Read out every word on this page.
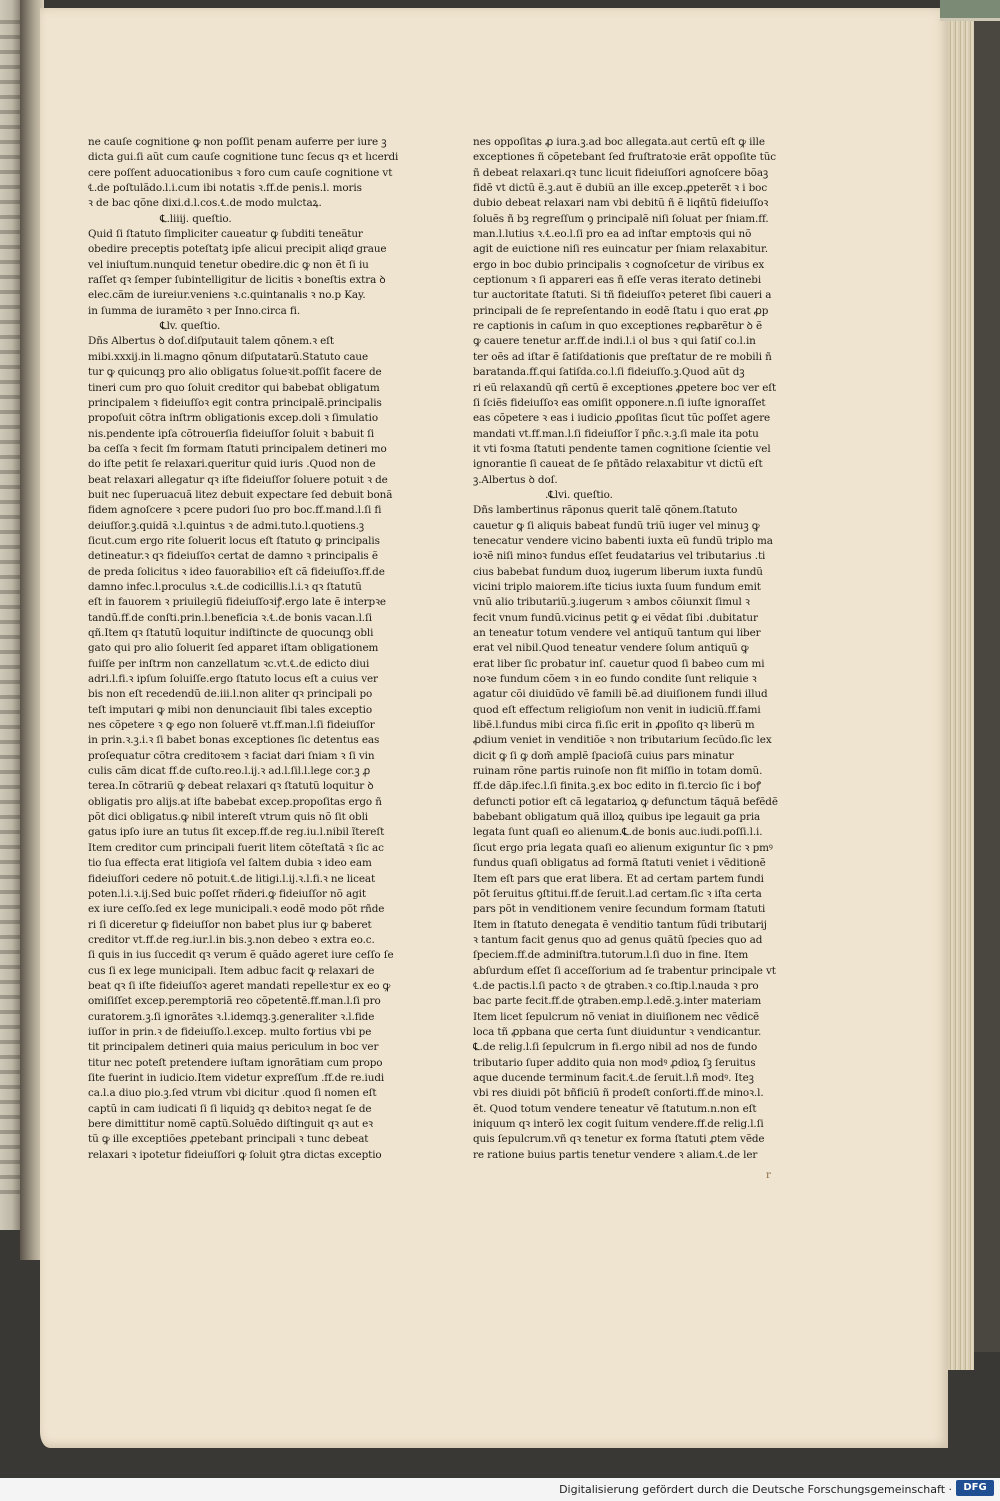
ne cauſe cognitione ꝙ non poſſit penam auferre per iure ꝫ
dicta gui.ſi aũt cum cauſe cognitione tunc ſecus qꝛ et lıcerdi
cere poſſent aduocationibus ꝛ foro cum cauſe cognitione vt
℄.de poſtulãdo.l.i.cum ibi notatis ꝛ.ff.de penis.l. moris
ꝛ de bac qõne dixi.d.l.cos.℄.de modo mulctaꝝ.
℄.liiij. queſtio.
Quid ſi ſtatuto ſimpliciter caueatur ꝙ ſubditi teneãtur
obedire preceptis poteſtatꝫ ipſe alicui precipit aliqᵭ graue
vel iniuſtum.nunquid tenetur obedire.dic ꝙ non ẽt ſi iu
raſſet qꝛ ſemper ſubintelligitur de licitis ꝛ boneſtis extra ꝺ
elec.cãm de iureiur.veniens ꝛ.c.quintanalis ꝛ no.p Kay.
in ſumma de iuramẽto ꝛ per Inno.circa fi.
℄lv. queſtio.
Dñs Albertus ꝺ doſ.diſputauit talem qõnem.ꝛ eſt
mibi.xxxij.in li.magno qõnum diſputatarũ.Statuto caue
tur ꝙ quicunqꝫ pro alio obligatus ſolueꝛit.poſſit facere de
tineri cum pro quo ſoluit creditor qui babebat obligatum
principalem ꝛ fideiuſſoꝛ egit contra principalẽ.principalis
propoſuit cõtra inſtrm obligationis excep.doli ꝛ ſimulatio
nis.pendente ipſa cõtrouerſia fideiuſſor ſoluit ꝛ babuit ſi
ba ceſſa ꝛ fecit ſm formam ſtatuti principalem detineri mo
do iſte petit ſe relaxari.queritur quid iuris .Quod non de
beat relaxari allegatur qꝛ iſte fideiuſſor ſoluere potuit ꝛ de
buit nec ſuperuacuã litez debuit expectare ſed debuit bonã
fidem agnoſcere ꝛ pcere pudori ſuo pro boc.ff.mand.l.ſi fi
deiuſſor.ꝫ.quidã ꝛ.l.quintus ꝛ de admi.tuto.l.quotiens.ꝫ
ſicut.cum ergo rite ſoluerit locus eſt ſtatuto ꝙ principalis
detineatur.ꝛ qꝛ fideiuſſoꝛ certat de damno ꝛ principalis ẽ
de preda ſolicitus ꝛ ideo fauorabilioꝛ eſt cã fideiuſſoꝛ.ff.de
damno infec.l.proculus ꝛ.℄.de codicillis.l.i.ꝛ qꝛ ſtatutũ
eſt in fauorem ꝛ priuilegiũ fideiuſſoꝛiꝭ.ergo late ẽ interpꝛe
tandũ.ff.de conſti.prin.l.beneficia ꝛ.℄.de bonis vacan.l.ſi
qñ.Item qꝛ ſtatutũ loquitur indiſtincte de quocunqꝫ obli
gato qui pro alio ſoluerit ſed apparet iſtam obligationem
fuiſſe per inſtrm non canzellatum ꝛc.vt.℄.de edicto diui
adri.l.fi.ꝛ ipſum ſoluiſſe.ergo ſtatuto locus eſt a cuius ver
bis non eſt recedendũ de.iii.l.non aliter qꝛ principali po
teſt imputari ꝙ mibi non denunciauit ſibi tales exceptio
nes cõpetere ꝛ ꝙ ego non ſoluerẽ vt.ff.man.l.ſi fideiuſſor
in prin.ꝛ.ꝫ.i.ꝛ ſi babet bonas exceptiones ſic detentus eas
proſequatur cõtra creditoꝛem ꝛ faciat dari ſniam ꝛ ſi vin
culis cãm dicat ff.de cuſto.reo.l.ij.ꝛ ad.l.ſil.l.lege cor.ꝫ ꝓ
terea.In cõtrariũ ꝙ debeat relaxari qꝛ ſtatutũ loquitur ꝺ
obligatis pro alijs.at iſte babebat excep.propoſitas ergo ñ
põt dici obligatus.ꝙ nibil intereſt vtrum quis nõ ſit obli
gatus ipſo iure an tutus ſit excep.ff.de reg.iu.l.nibil ĩtereſt
Item creditor cum principali fuerit litem cõteſtatã ꝛ ſic ac
tio ſua effecta erat litigioſa vel ſaltem dubia ꝛ ideo eam
fideiuſſori cedere nõ potuit.℄.de litigi.l.ij.ꝛ.l.fi.ꝛ ne liceat
poten.l.i.ꝛ.ij.Sed buic poſſet rñderi.ꝙ fideiuſſor nõ agit
ex iure ceſſo.ſed ex lege municipali.ꝛ eodẽ modo põt rñde
ri ſi diceretur ꝙ fideiuſſor non babet plus iur ꝙ baberet
creditor vt.ff.de reg.iur.l.in bis.ꝫ.non debeo ꝛ extra eo.c.
ſi quis in ius ſuccedit qꝛ verum ẽ quãdo ageret iure ceſſo ſe
cus ſi ex lege municipali. Item adbuc facit ꝙ relaxari de
beat qꝛ ſi iſte fideiuſſoꝛ ageret mandati repelleꝛtur ex eo ꝙ
omiſiſſet excep.peremptoriã reo cõpetentẽ.ff.man.l.ſi pro
curatorem.ꝫ.ſi ignorãtes ꝛ.l.idemqꝫ.ꝫ.generaliter ꝛ.l.fide
iuſſor in prin.ꝛ de fideiuſſo.l.excep. multo fortius vbi pe
tit principalem detineri quia maius periculum in boc ver
titur nec poteſt pretendere iuſtam ignorãtiam cum propo
ſite fuerint in iudicio.Item videtur expreſſum .ff.de re.iudi
ca.l.a diuo pio.ꝫ.ſed vtrum vbi dicitur .quod ſi nomen eſt
captũ in cam iudicati ſi ſi liquidꝫ qꝛ debitoꝛ negat ſe de
bere dimittitur nomẽ captũ.Soluẽdo diſtinguit qꝛ aut eꝛ
tũ ꝙ ille exceptiões ꝓpetebant principali ꝛ tunc debeat
relaxari ꝛ ipotetur fideiuſſori ꝙ ſoluit ꝯtra dictas exceptio
nes oppoſitas ꝓ iura.ꝫ.ad boc allegata.aut certũ eſt ꝙ ille
exceptiones ñ cõpetebant ſed fruſtratoꝛie erãt oppoſite tũc
ñ debeat relaxari.qꝛ tunc licuit fideiuſſori agnoſcere bõaꝫ
fidẽ vt dictũ ẽ.ꝫ.aut ẽ dubiũ an ille excep.ꝓpeterẽt ꝛ i boc
dubio debeat relaxari nam vbi debitũ ñ ẽ liqñtũ fideiuſſoꝛ
ſoluẽs ñ bꝫ regreſſum ꝯ principalẽ niſi ſoluat per ſniam.ff.
man.l.lutius ꝛ.℄.eo.l.ſi pro ea ad inſtar emptoꝛis qui nõ
agit de euictione niſi res euincatur per ſniam relaxabitur.
ergo in boc dubio principalis ꝛ cognoſcetur de viribus ex
ceptionum ꝛ ſi appareri eas ñ eſſe veras iterato detinebi
tur auctoritate ſtatuti. Si tñ fideiuſſoꝛ peteret ſibi caueri a
principali de ſe repreſentando in eodẽ ſtatu i quo erat ꝓp
re captionis in caſum in quo exceptiones reꝓbarẽtur ꝺ ẽ
ꝙ cauere tenetur ar.ff.de indi.l.i ol bus ꝛ qui ſatiſ co.l.in
ter oẽs ad iſtar ẽ ſatiſdationis que preſtatur de re mobili ñ
baratanda.ff.qui ſatiſda.co.l.ſi fideiuſſo.ꝫ.Quod aũt dꝫ
ri eũ relaxandũ qñ certũ ẽ exceptiones ꝓpetere boc ver eſt
ſi ſciẽs fideiuſſoꝛ eas omiſit opponere.n.ſi iuſte ignoraſſet
eas cõpetere ꝛ eas i iudicio ꝓpoſitas ſicut tũc poſſet agere
mandati vt.ff.man.l.ſi fideiuſſor ĩ pñc.ꝛ.ꝫ.ſi male ita potu
it vti foꝛma ſtatuti pendente tamen cognitione ſcientie vel
ignorantie ſi caueat de ſe pñtãdo relaxabitur vt dictũ eſt
ꝫ.Albertus ꝺ doſ.
.℄lvi. queſtio.
Dñs lambertinus rãponus querit talẽ qõnem.ſtatuto
cauetur ꝙ ſi aliquis babeat fundũ triũ iuger vel minuꝫ ꝙ
tenecatur vendere vicino babenti iuxta eũ fundũ triplo ma
ioꝛẽ niſi minoꝛ fundus eſſet feudatarius vel tributarius .ti
cius babebat fundum duoꝝ iugerum liberum iuxta fundũ
vicini triplo maiorem.iſte ticius iuxta ſuum fundum emit
vnũ alio tributariũ.ꝫ.iugerum ꝛ ambos cõiunxit ſimul ꝛ
fecit vnum fundũ.vicinus petit ꝙ ei vẽdat ſibi .dubitatur
an teneatur totum vendere vel antiquũ tantum qui liber
erat vel nibil.Quod teneatur vendere ſolum antiquũ ꝙ
erat liber ſic probatur inſ. cauetur quod ſi babeo cum mi
noꝛe fundum cõem ꝛ in eo fundo condite ſunt reliquie ꝛ
agatur cõi diuidũdo vẽ famili bẽ.ad diuiſionem fundi illud
quod eſt effectum religioſum non venit in iudiciũ.ff.fami
libẽ.l.fundus mibi circa fi.ſic erit in ꝓpoſito qꝛ liberũ m
ꝓdium veniet in venditiõe ꝛ non tributarium ſecũdo.ſic lex
dicit ꝙ ſi ꝙ dom̃ amplẽ ſpacioſã cuius pars minatur
ruinam rõne partis ruinoſe non fit miſſio in totam domũ.
ff.de dãp.ifec.l.ſi finita.ꝫ.ex boc edito in fi.tercio ſic i boꝭ
defuncti potior eſt cã legatarioꝝ ꝙ defunctum tãquã befẽdẽ
babebant obligatum quã illoꝝ quibus ipe legauit ga pria
legata ſunt quaſi eo alienum.℄.de bonis auc.iudi.poſſi.l.i.
ſicut ergo pria legata quaſi eo alienum exiguntur ſic ꝛ pmꝰ
fundus quaſi obligatus ad formã ſtatuti veniet i vẽditionẽ
Item eſt pars que erat libera. Et ad certam partem fundi
põt ſeruitus ꝯſtitui.ff.de ſeruit.l.ad certam.ſic ꝛ iſta certa
pars põt in venditionem venire ſecundum formam ſtatuti
Item in ſtatuto denegata ẽ venditio tantum fũdi tributarij
ꝛ tantum facit genus quo ad genus quãtũ ſpecies quo ad
ſpeciem.ff.de adminiſtra.tutorum.l.ſi duo in fine. Item
abſurdum eſſet ſi acceſſorium ad ſe trabentur principale vt
℄.de pactis.l.ſi pacto ꝛ de ꝯtraben.ꝛ co.ſtip.l.nauda ꝛ pro
bac parte fecit.ff.de ꝯtraben.emp.l.edẽ.ꝫ.inter materiam
Item licet ſepulcrum nõ veniat in diuiſionem nec vẽdicẽ
loca tñ ꝓpbana que certa ſunt diuiduntur ꝛ vendicantur.
℄.de relig.l.ſi ſepulcrum in fi.ergo nibil ad nos de fundo
tributario ſuper addito quia non modꝰ ꝓdioꝝ ſꝫ ſeruitus
aque ducende terminum facit.℄.de ſeruit.l.ñ modꝰ. Iteꝫ
vbi res diuidi põt bñficiũ ñ prodeſt conſorti.ff.de minoꝛ.l.
ẽt. Quod totum vendere teneatur vẽ ſtatutum.n.non eſt
iniquum qꝛ interõ lex cogit ſuitum vendere.ff.de relig.l.ſi
quis ſepulcrum.vñ qꝛ tenetur ex forma ſtatuti ꝓtem vẽde
re ratione buius partis tenetur vendere ꝛ aliam.℄.de ler
r
Digitalisierung gefördert durch die Deutsche Forschungsgemeinschaft ·	DFG
